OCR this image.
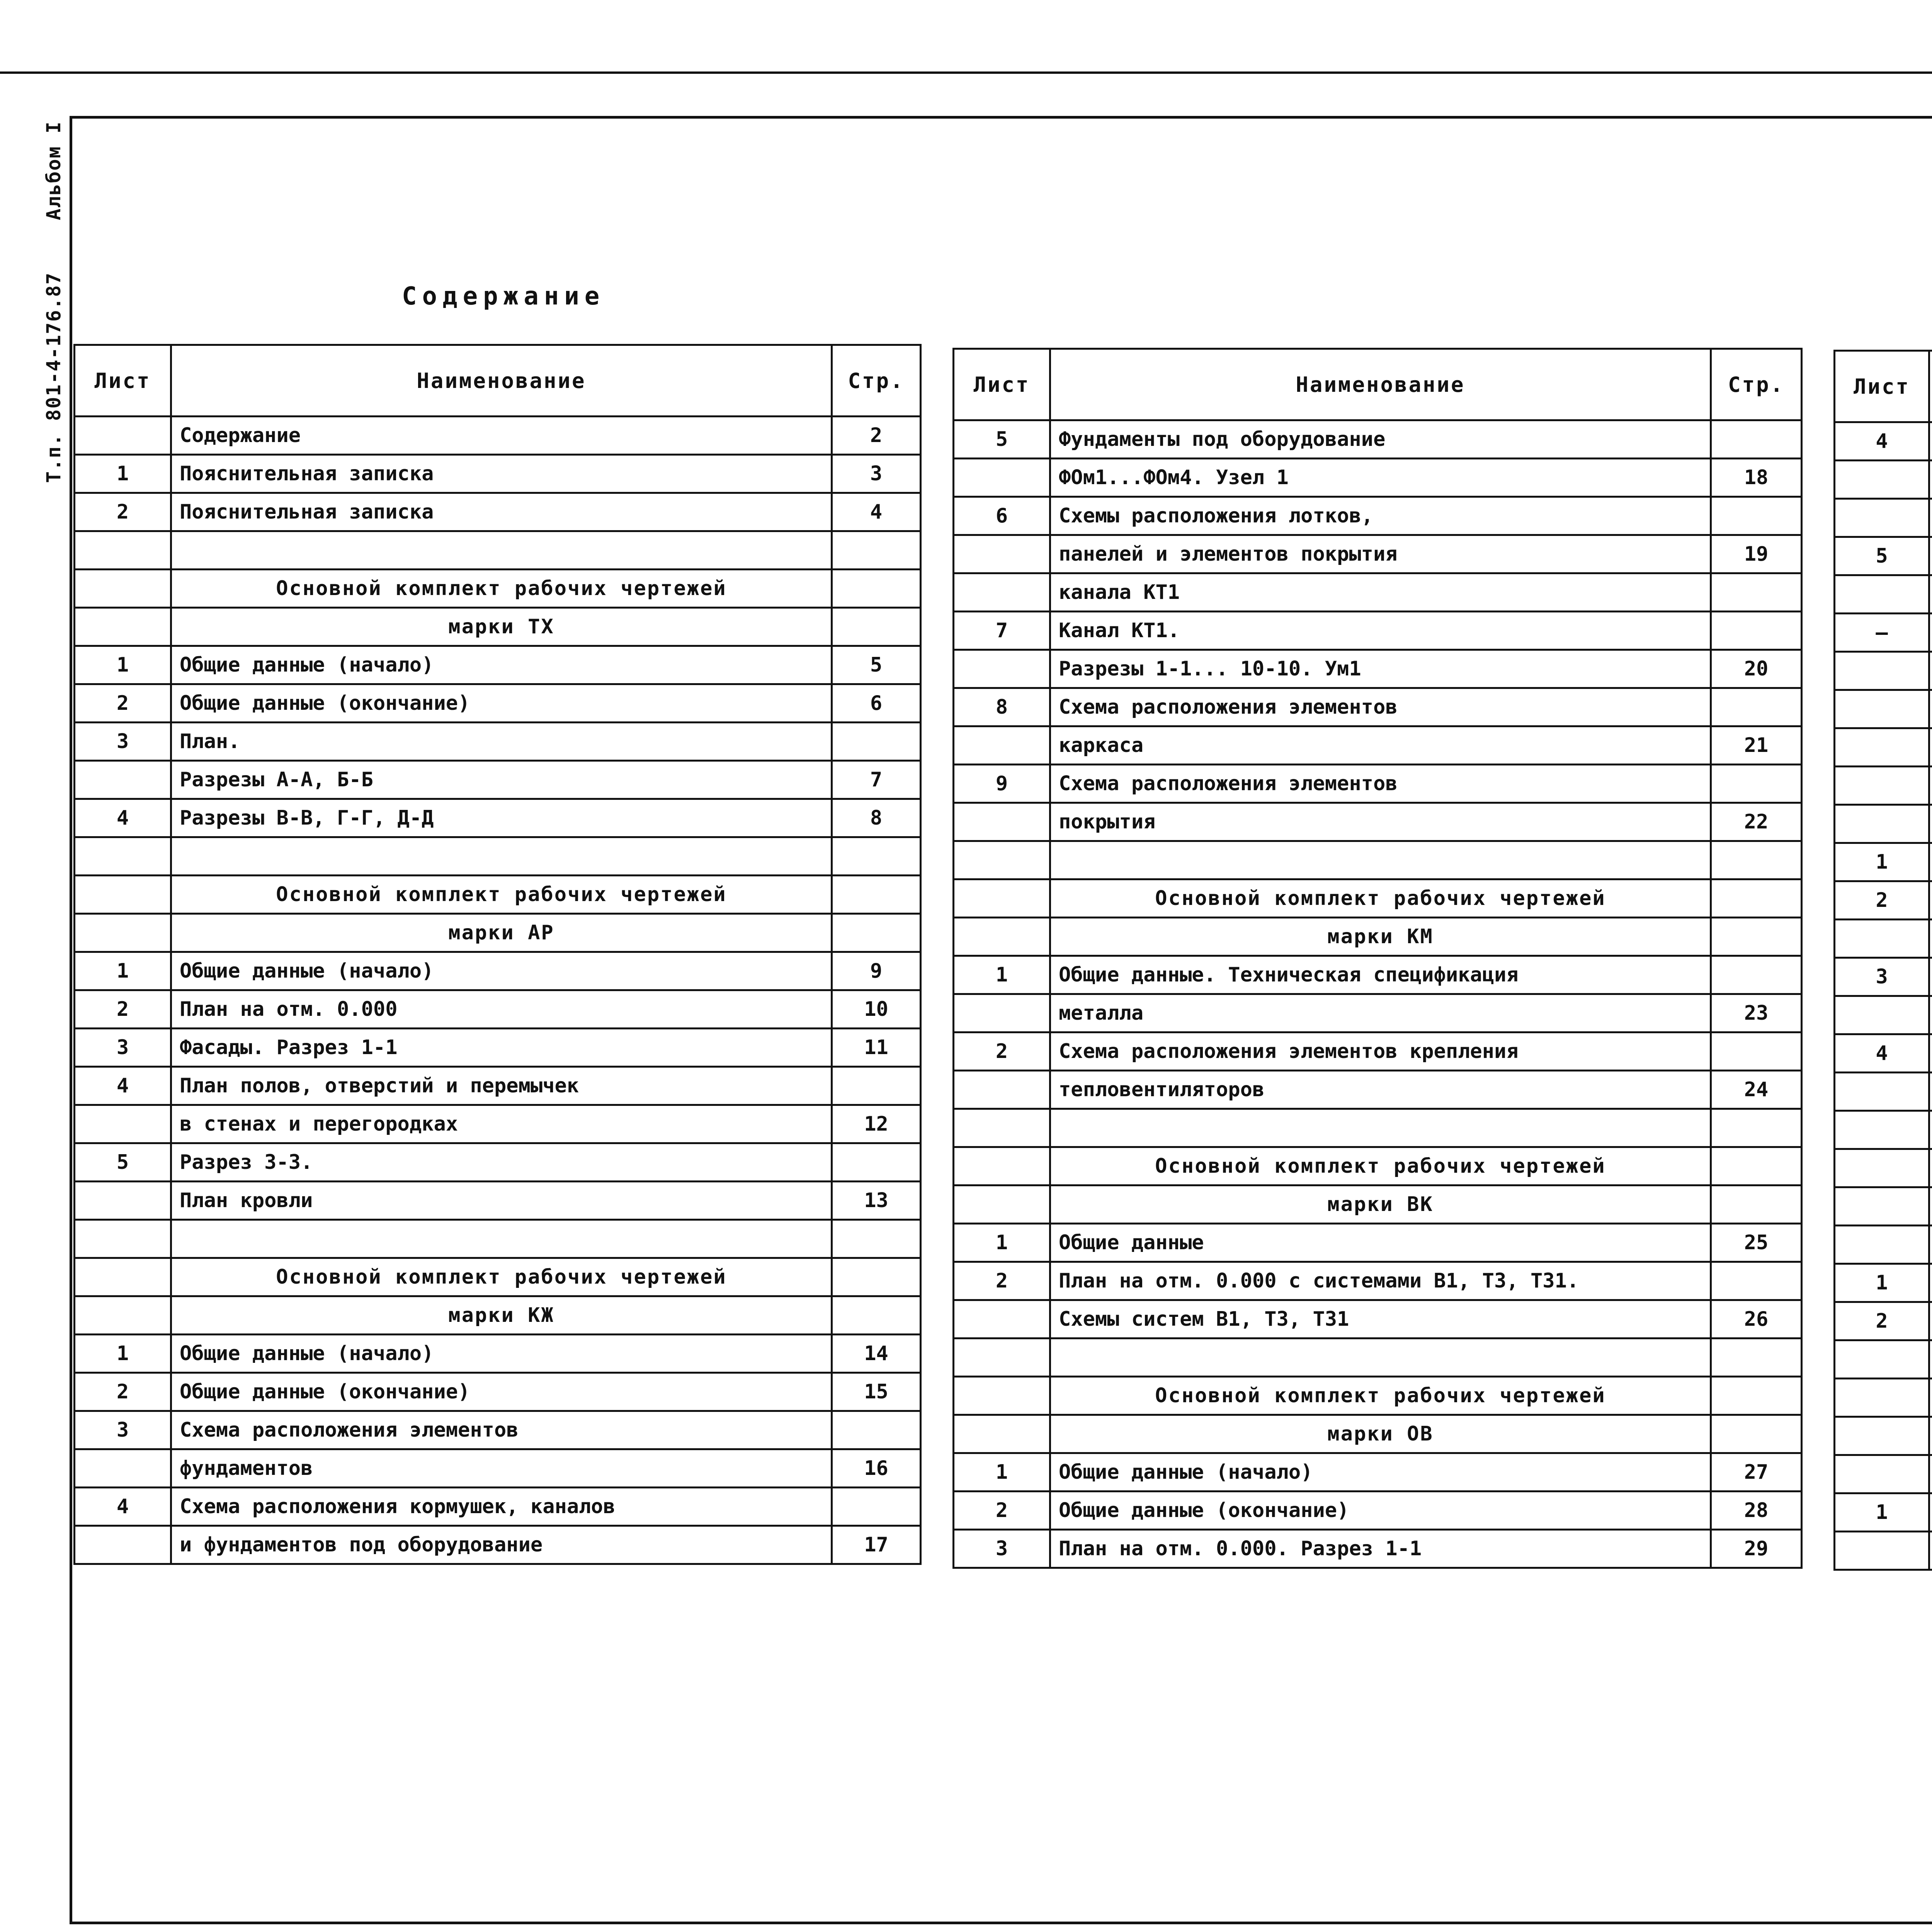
Альбом I
Т.п. 801-4-176.87	Содержание
Лист	Наименование	Стр.
	Содержание	2
1	Пояснительная записка	3
2	Пояснительная записка	4

	Основной комплект рабочих чертежей	
	марки ТХ	
1	Общие данные (начало)	5
2	Общие данные (окончание)	6
3	План.	
	Разрезы А-А, Б-Б	7
4	Разрезы В-В, Г-Г, Д-Д	8

	Основной комплект рабочих чертежей	
	марки АР	
1	Общие данные (начало)	9
2	План на отм. 0.000	10
3	Фасады. Разрез 1-1	11
4	План полов, отверстий и перемычек	
	в стенах и перегородках	12
5	Разрез 3-3.	
	План кровли	13

	Основной комплект рабочих чертежей	
	марки КЖ	
1	Общие данные (начало)	14
2	Общие данные (окончание)	15
3	Схема расположения элементов	
	фундаментов	16
4	Схема расположения кормушек, каналов	
	и фундаментов под оборудование	17
Лист	Наименование	Стр.
5	Фундаменты под оборудование	
	ФОм1...ФОм4. Узел 1	18
6	Схемы расположения лотков,	
	панелей и элементов покрытия	19
	канала КТ1	
7	Канал КТ1.	
	Разрезы 1-1... 10-10. Ум1	20
8	Схема расположения элементов	
	каркаса	21
9	Схема расположения элементов	
	покрытия	22

	Основной комплект рабочих чертежей	
	марки КМ	
1	Общие данные. Техническая спецификация	
	металла	23
2	Схема расположения элементов крепления	
	тепловентиляторов	24

	Основной комплект рабочих чертежей	
	марки ВК	
1	Общие данные	25
2	План на отм. 0.000 с системами В1, Т3, Т31.	
	Схемы систем В1, Т3, Т31	26

	Основной комплект рабочих чертежей	
	марки ОВ	
1	Общие данные (начало)	27
2	Общие данные (окончание)	28
3	План на отм. 0.000. Разрез 1-1	29
Лист		
4		

5		

—		

1		
2		

3		

4		

1		
2		

1		
